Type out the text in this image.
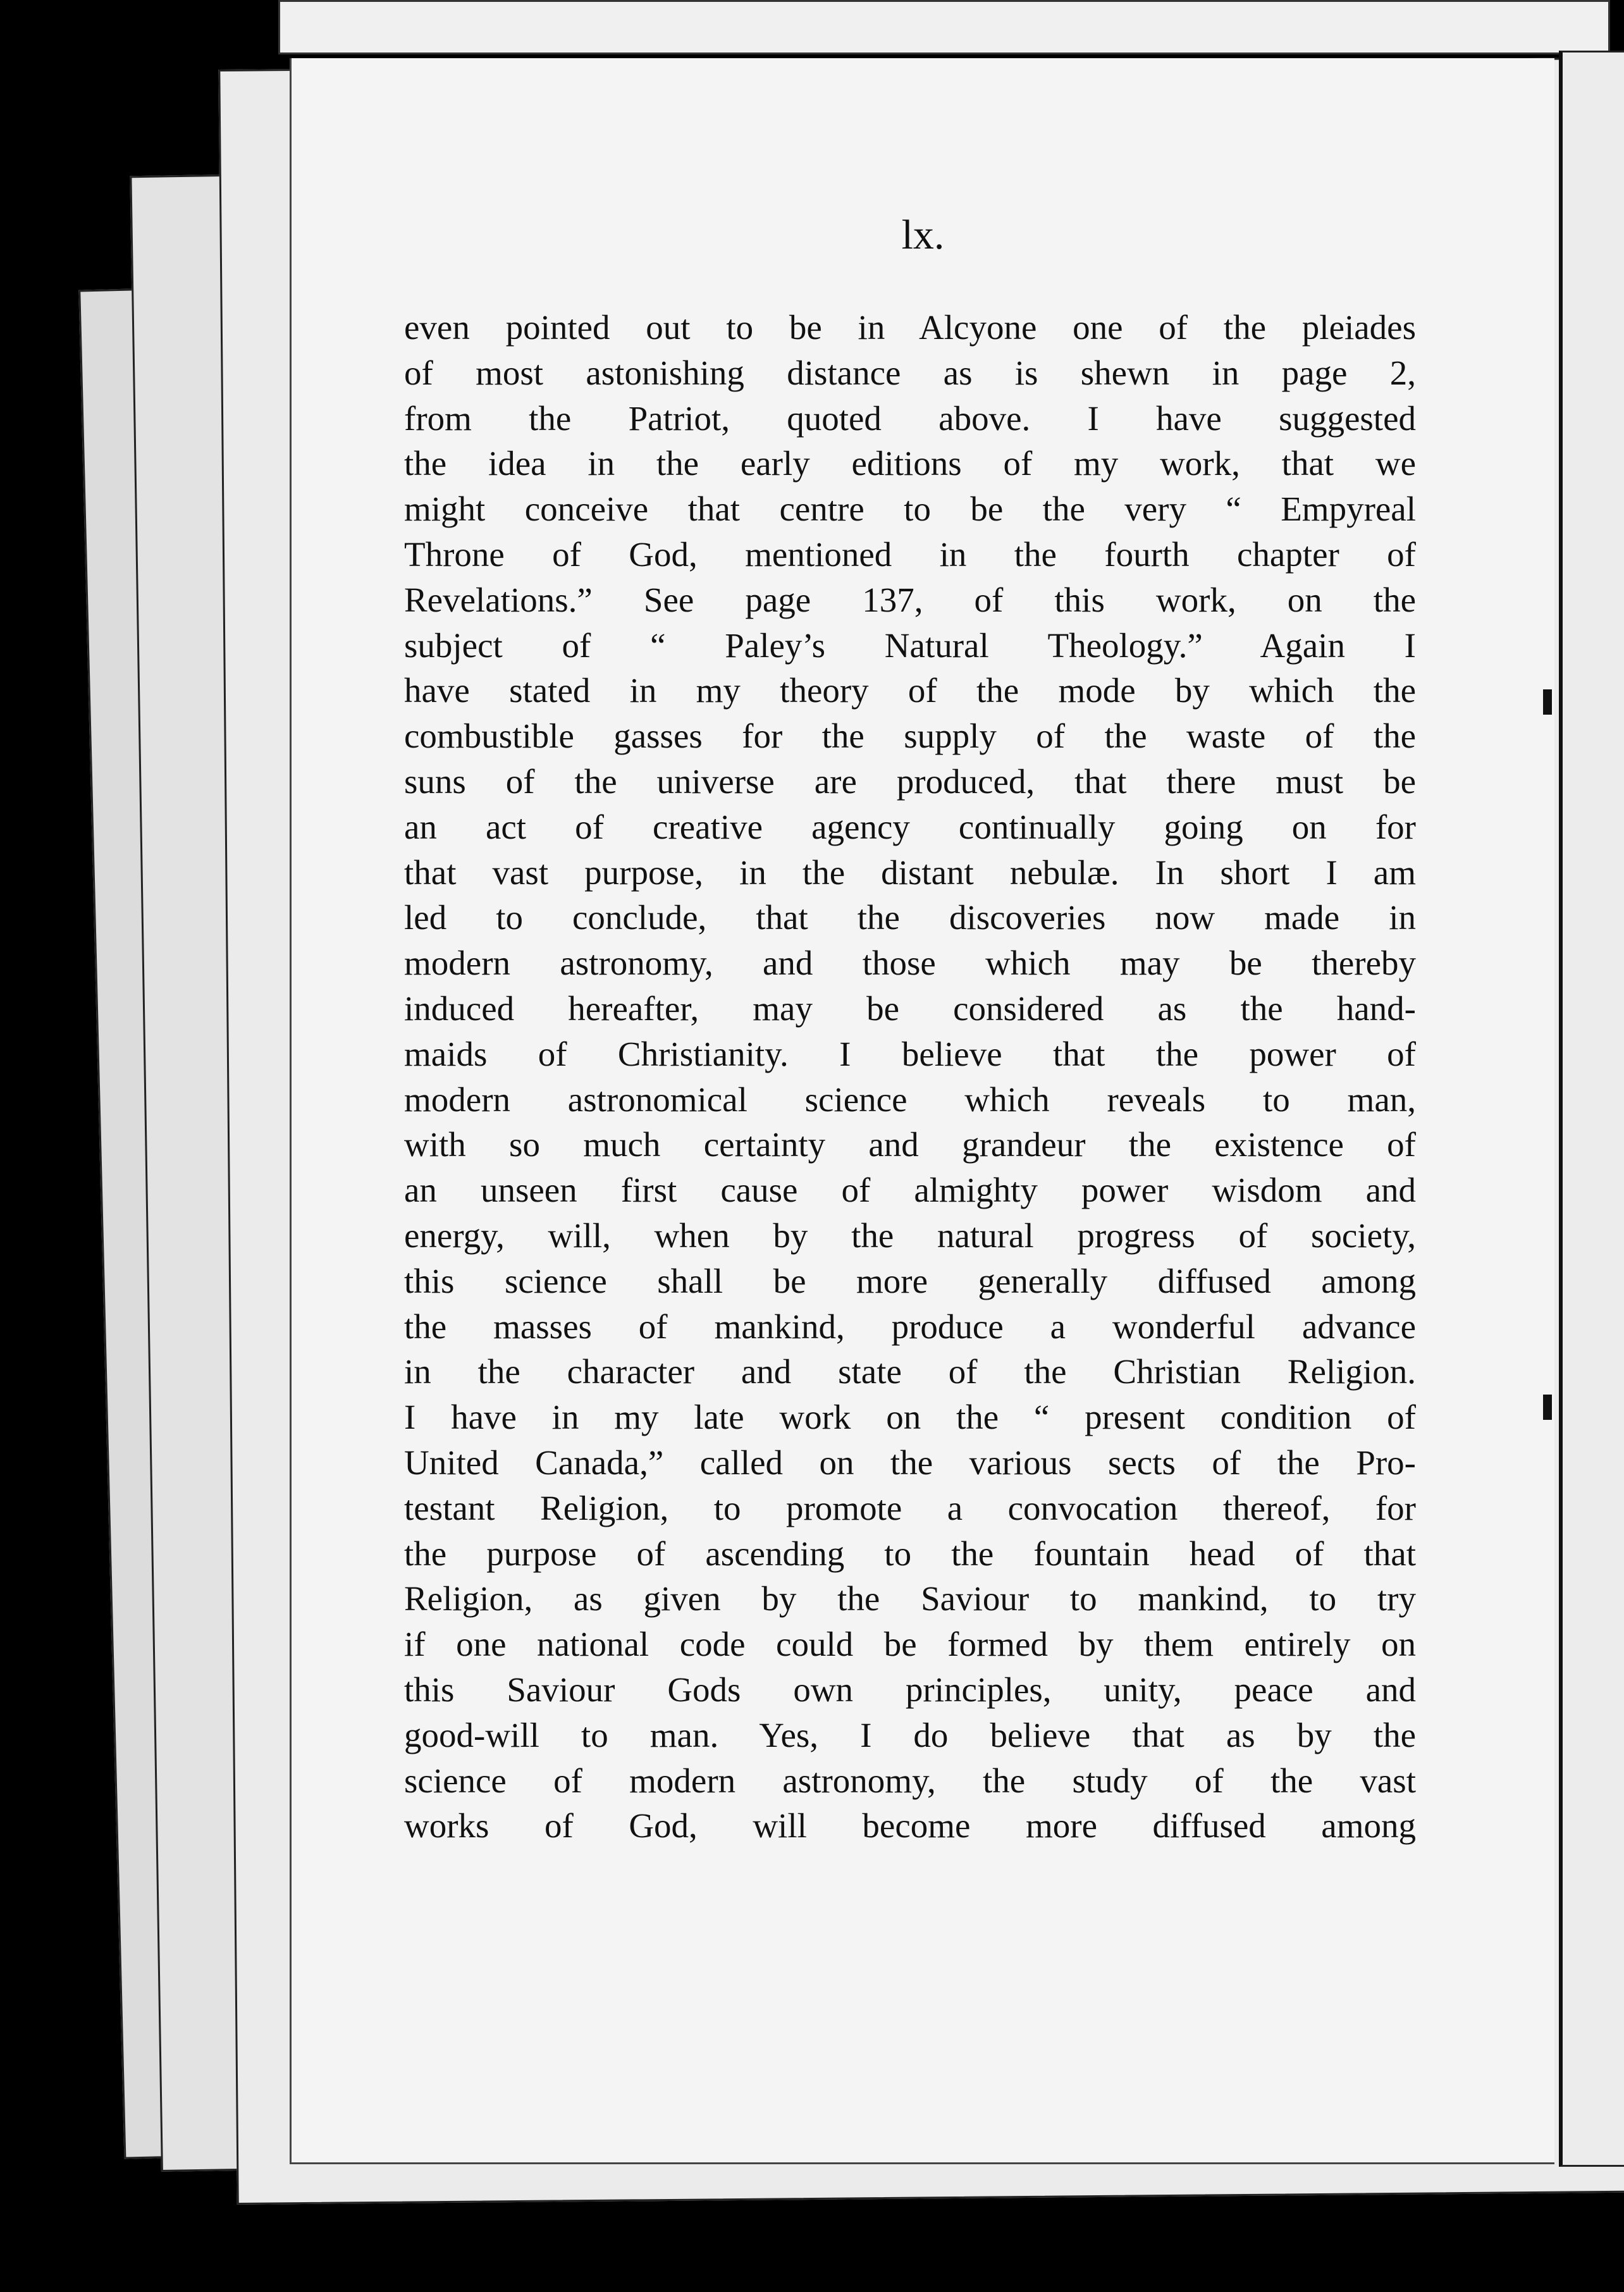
lx.
even pointed out to be in Alcyone one of the pleiades
of most astonishing distance as is shewn in page 2,
from the Patriot, quoted above. I have suggested
the idea in the early editions of my work, that we
might conceive that centre to be the very “ Empyreal
Throne of God, mentioned in the fourth chapter of
Revelations.” See page 137, of this work, on the
subject of “ Paley’s Natural Theology.” Again I
have stated in my theory of the mode by which the
combustible gasses for the supply of the waste of the
suns of the universe are produced, that there must be
an act of creative agency continually going on for
that vast purpose, in the distant nebulæ. In short I am
led to conclude, that the discoveries now made in
modern astronomy, and those which may be thereby
induced hereafter, may be considered as the hand-
maids of Christianity. I believe that the power of
modern astronomical science which reveals to man,
with so much certainty and grandeur the existence of
an unseen first cause of almighty power wisdom and
energy, will, when by the natural progress of society,
this science shall be more generally diffused among
the masses of mankind, produce a wonderful advance
in the character and state of the Christian Religion.
I have in my late work on the “ present condition of
United Canada,” called on the various sects of the Pro-
testant Religion, to promote a convocation thereof, for
the purpose of ascending to the fountain head of that
Religion, as given by the Saviour to mankind, to try
if one national code could be formed by them entirely on
this Saviour Gods own principles, unity, peace and
good-will to man. Yes, I do believe that as by the
science of modern astronomy, the study of the vast
works of God, will become more diffused among
